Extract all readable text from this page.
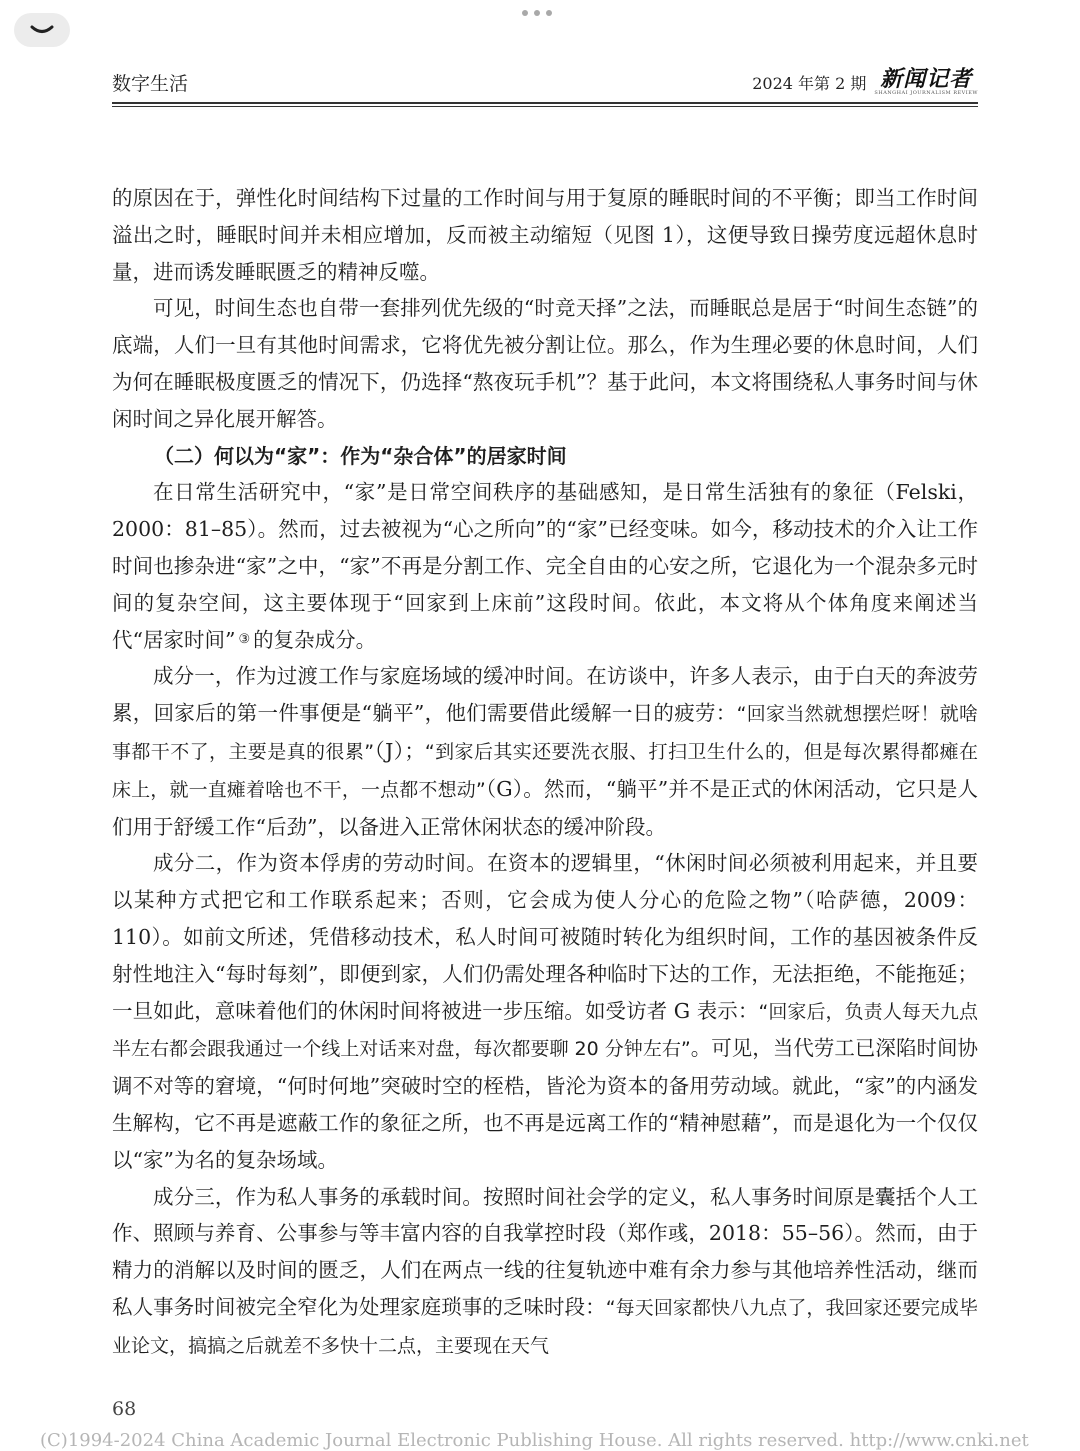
数字生活	2024 年第 2 期 新闻记者
SHANGHAI JOURNALISM REVIEW

的原因在于，弹性化时间结构下过量的工作时间与用于复原的睡眠时间的不平衡；即当工作时间溢出之时，睡眠时间并未相应增加，反而被主动缩短（见图 1），这便导致日操劳度远超休息时量，进而诱发睡眠匮乏的精神反噬。

可见，时间生态也自带一套排列优先级的“时竞天择”之法，而睡眠总是居于“时间生态链”的底端，人们一旦有其他时间需求，它将优先被分割让位。那么，作为生理必要的休息时间，人们为何在睡眠极度匮乏的情况下，仍选择“熬夜玩手机”？基于此问，本文将围绕私人事务时间与休闲时间之异化展开解答。

（二）何以为“家”：作为“杂合体”的居家时间

在日常生活研究中，“家”是日常空间秩序的基础感知，是日常生活独有的象征（Felski，2000：81–85）。然而，过去被视为“心之所向”的“家”已经变味。如今，移动技术的介入让工作时间也掺杂进“家”之中，“家”不再是分割工作、完全自由的心安之所，它退化为一个混杂多元时间的复杂空间，这主要体现于“回家到上床前”这段时间。依此，本文将从个体角度来阐述当代“居家时间” ③ 的复杂成分。

成分一，作为过渡工作与家庭场域的缓冲时间。在访谈中，许多人表示，由于白天的奔波劳累，回家后的第一件事便是“躺平”，他们需要借此缓解一日的疲劳：“回家当然就想摆烂呀！就啥事都干不了，主要是真的很累”（J）；“到家后其实还要洗衣服、打扫卫生什么的，但是每次累得都瘫在床上，就一直瘫着啥也不干，一点都不想动”（G）。然而，“躺平”并不是正式的休闲活动，它只是人们用于舒缓工作“后劲”，以备进入正常休闲状态的缓冲阶段。

成分二，作为资本俘虏的劳动时间。在资本的逻辑里，“休闲时间必须被利用起来，并且要以某种方式把它和工作联系起来；否则，它会成为使人分心的危险之物”（哈萨德，2009：110）。如前文所述，凭借移动技术，私人时间可被随时转化为组织时间，工作的基因被条件反射性地注入“每时每刻”，即便到家，人们仍需处理各种临时下达的工作，无法拒绝，不能拖延；一旦如此，意味着他们的休闲时间将被进一步压缩。如受访者 G 表示：“回家后，负责人每天九点半左右都会跟我通过一个线上对话来对盘，每次都要聊 20 分钟左右”。可见，当代劳工已深陷时间协调不对等的窘境，“何时何地”突破时空的桎梏，皆沦为资本的备用劳动域。就此，“家”的内涵发生解构，它不再是遮蔽工作的象征之所，也不再是远离工作的“精神慰藉”，而是退化为一个仅仅以“家”为名的复杂场域。

成分三，作为私人事务的承载时间。按照时间社会学的定义，私人事务时间原是囊括个人工作、照顾与养育、公事参与等丰富内容的自我掌控时段（郑作彧，2018：55–56）。然而，由于精力的消解以及时间的匮乏，人们在两点一线的往复轨迹中难有余力参与其他培养性活动，继而私人事务时间被完全窄化为处理家庭琐事的乏味时段：“每天回家都快八九点了，我回家还要完成毕业论文，搞搞之后就差不多快十二点，主要现在天气

68
(C)1994-2024 China Academic Journal Electronic Publishing House. All rights reserved. http://www.cnki.net
